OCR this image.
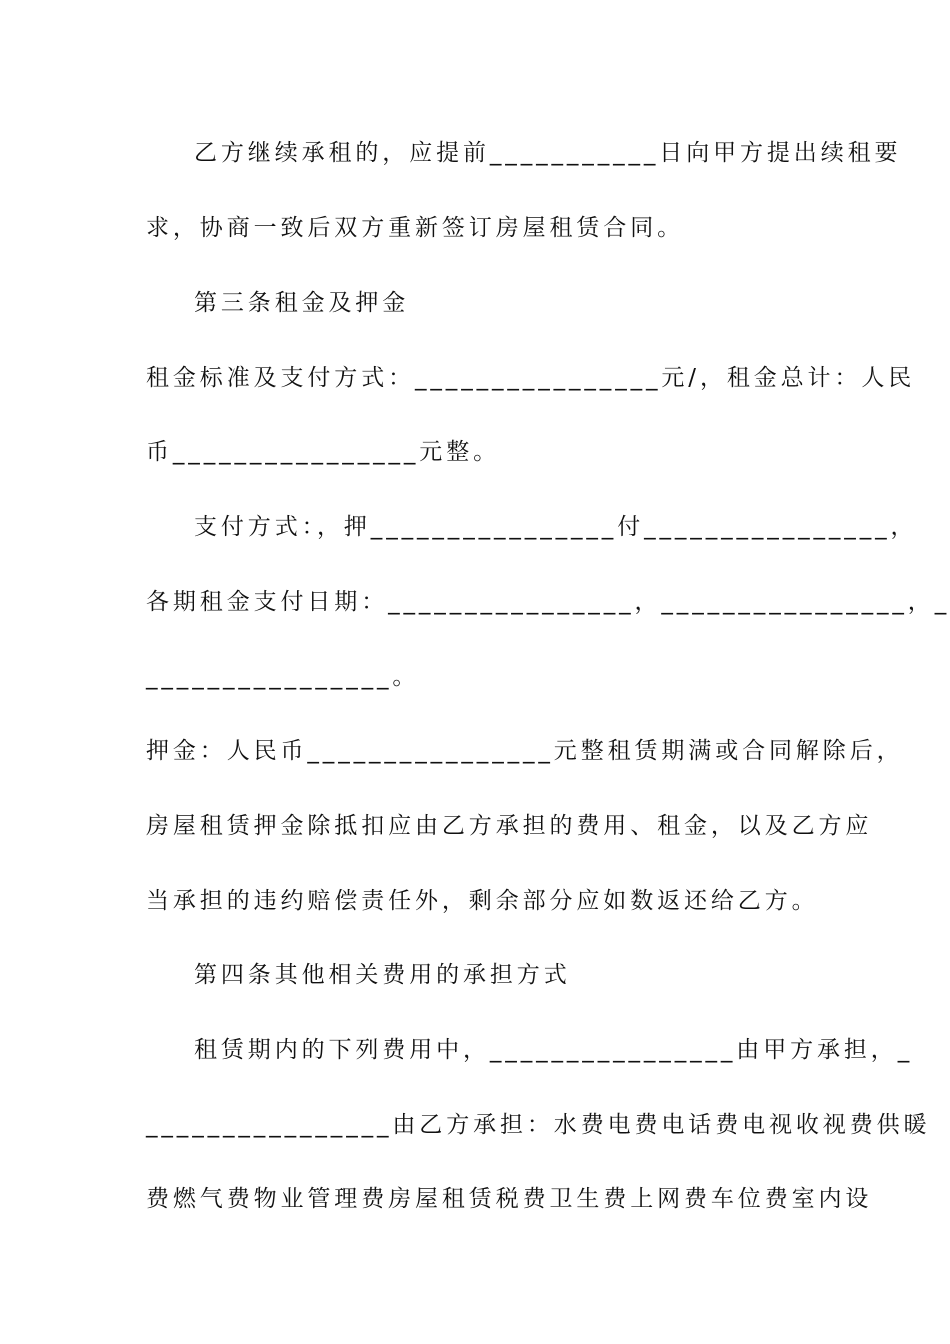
乙方继续承租的，应提前___________日向甲方提出续租要
求，协商一致后双方重新签订房屋租赁合同。
第三条租金及押金
租金标准及支付方式：________________元/，租金总计：人民
币________________元整。
支付方式：，押________________付________________，
各期租金支付日期：________________，________________，_
________________。
押金：人民币________________元整租赁期满或合同解除后，
房屋租赁押金除抵扣应由乙方承担的费用、租金，以及乙方应
当承担的违约赔偿责任外，剩余部分应如数返还给乙方。
第四条其他相关费用的承担方式
租赁期内的下列费用中，________________由甲方承担，_
________________由乙方承担：水费电费电话费电视收视费供暖
费燃气费物业管理费房屋租赁税费卫生费上网费车位费室内设
